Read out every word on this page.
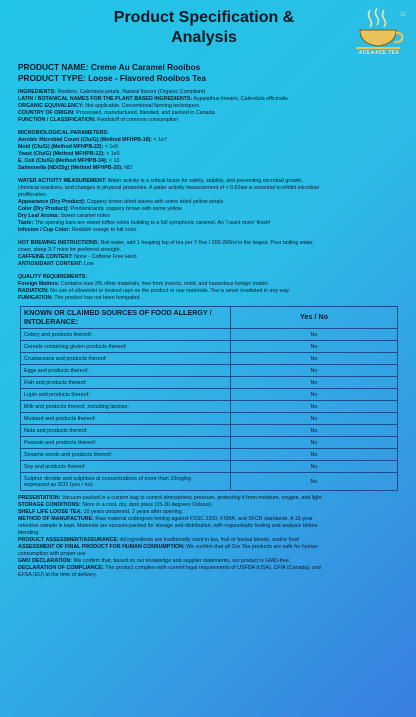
Product Specification &
Analysis
ACE★ACE TEA
PRODUCT NAME: Creme Au Caramel Rooibos
PRODUCT TYPE: Loose - Flavored Rooibos Tea

INGREDIENTS: Rooibos, Calendula petals, Natural flavors (Organic Compliant)

LATIN / BOTANICAL NAMES FOR THE PLANT BASED INGREDIENTS: Aspalathus linearis, Calendula officinalis

ORGANIC EQUIVALENCY: Not applicable. Conventional farming techniques.

COUNTRY OF ORIGIN: Processed, manufactured, blended, and packed in Canada.

FUNCTION / CLASSIFICATION: Foodstuff of common consumption

MICROBIOLOGICAL PARAMETERS:

Aerobic Microbial Count (Cfu/G) (Method MFHPB-18): < 1e7

Mold (Cfu/G) (Method MFHPB-22): < 1e5

Yeast (Cfu/G) (Method MFHPB-22): < 1e5

E. Coli (Cfu/G) (Method MFHPB-34): < 10

Salmonella (ND/25g) (Method MFHPB-20): ND

WATER ACTIVITY MEASUREMENT: Water activity is a critical factor for safety, stability, and preventing microbial growth,

chemical reactions, and changes in physical properties. A water activity measurement of < 0.60aw is essential to inhibit microbial

proliferation.

Appearance (Dry Product): Coppery brown dried leaves with some dried yellow petals

Color (Dry Product): Predominantly coppery brown with some yellow

Dry Leaf Aroma: Sweet caramel notes

Taste: The opening bars are sweet toffee notes building to a full symphonic caramel. An 'I want more' finish!

Infusion / Cup Color: Reddish orange to full color

HOT BREWING INSTRUCTIONS: Boil water, add 1 heaping tsp of tea per 7-9oz / 200-260ml in the teapot. Pour boiling water,

cover, steep 3-7 mins for preferred strength.

CAFFEINE CONTENT: None - Caffeine Free Herb

ANTIOXIDANT CONTENT: Low

QUALITY REQUIREMENTS:

Foreign Matters: Contains max 2% other materials, free from insects, mold, and hazardous foreign matter.

RADIATION: No use of ultraviolet or ionized rays on the product or raw materials. Tea is never irradiated in any way.

FUMIGATION: The product has not been fumigated.

KNOWN OR CLAIMED SOURCES OF FOOD ALLERGY / INTOLERANCE:	Yes / No
Celery and products thereof:	No
Cereals containing gluten products thereof:	No
Crustaceans and products thereof:	No
Eggs and products thereof:	No
Fish and products thereof:	No
Lupin and products thereof:	No
Milk and products thereof, including lactose:	No
Mustard and products thereof:	No
Nuts and products thereof:	No
Peanuts and products thereof:	No
Sesame seeds and products thereof:	No
Soy and products thereof:	No

Sulphur dioxide and sulphites at concentrations of more than 10mg/kg
expressed as SO2 (yes / no):	No

PRESENTATION: Vacuum-packed in a custom bag to control atmospheric pressure, protecting it from moisture, oxygen, and light.

STORAGE CONDITIONS: Store in a cool, dry, dark place (15-30 degrees Celsius).

SHELF LIFE LOOSE TEA: 10 years unopened, 2 years after opening.

METHOD OF MANUFACTURE: Raw material undergoes testing against FSSC 2200, FSMA, and SFCR standards. A 15-year

retention sample is kept. Materials are vacuum-packed for storage and distribution, with organoleptic testing and analysis before

blending.

PRODUCT ASSESSMENT/ASSURANCE: All ingredients are traditionally used in tea, fruit or herbal blends, and/or food

ASSESSMENT OF FINAL PRODUCT FOR HUMAN CONSUMPTION: We confirm that all Our Tea products are safe for human

consumption with proper use

GMO DECLARATION: We confirm that, based on our knowledge and supplier statements, our product is GMO-free.

DECLARATION OF COMPLIANCE: The product complies with current legal requirements of USFDA (USA), CFIA (Canada), and

EFSA (EU) at the time of delivery.
